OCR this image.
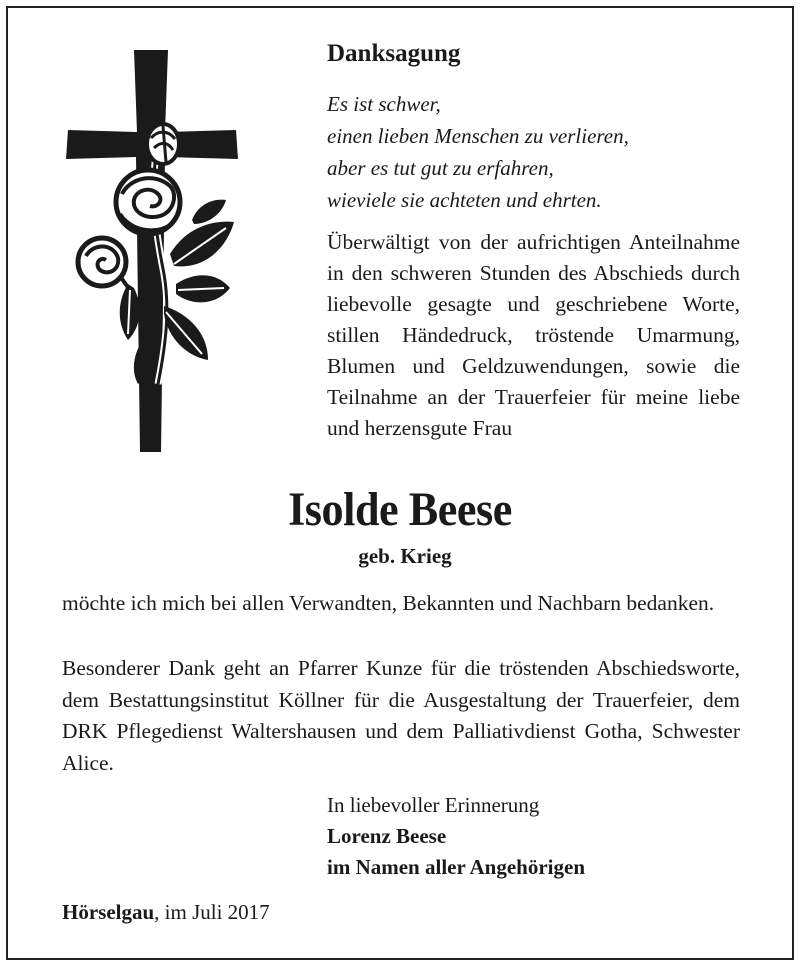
Danksagung
Es ist schwer,
einen lieben Menschen zu verlieren,
aber es tut gut zu erfahren,
wieviele sie achteten und ehrten.
Überwältigt von der aufrichtigen Anteilnahme in den schweren Stunden des Abschieds durch liebevolle gesagte und geschriebene Worte, stillen Händedruck, tröstende Umarmung, Blumen und Geldzuwendungen, sowie die Teilnahme an der Trauerfeier für meine liebe und herzensgute Frau
Isolde Beese
geb. Krieg
möchte ich mich bei allen Verwandten, Bekannten und Nachbarn bedanken.
Besonderer Dank geht an Pfarrer Kunze für die tröstenden Abschiedsworte, dem Bestattungsinstitut Köllner für die Ausgestaltung der Trauerfeier, dem DRK Pflegedienst Waltershausen und dem Palliativdienst Gotha, Schwester Alice.
In liebevoller Erinnerung
Lorenz Beese
im Namen aller Angehörigen
Hörselgau, im Juli 2017
